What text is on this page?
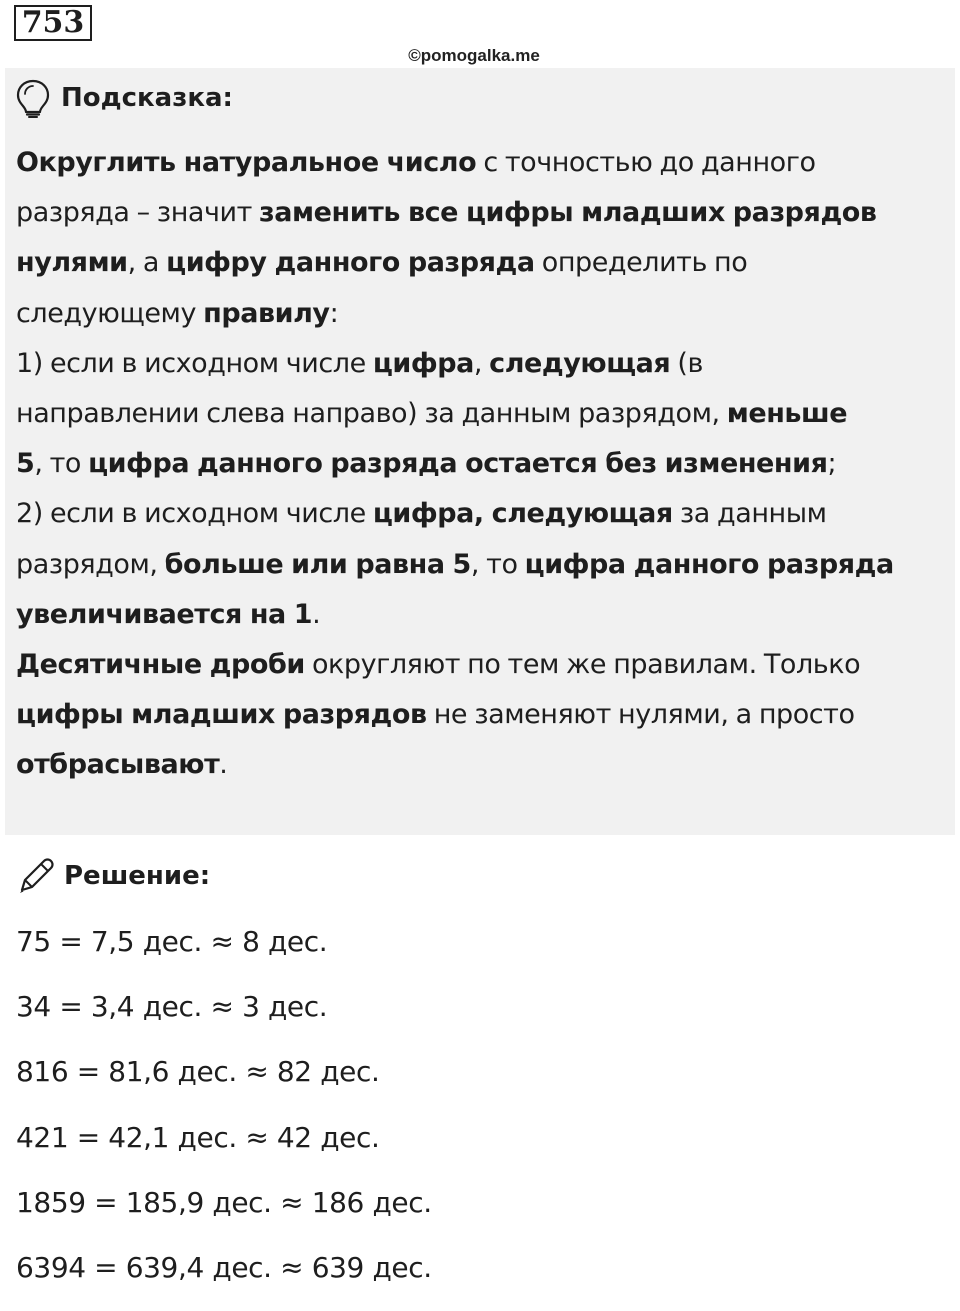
753
©pomogalka.me
Подсказка:
Округлить натуральное число с точностью до данного
разряда – значит заменить все цифры младших разрядов
нулями, а цифру данного разряда определить по
следующему правилу:
1) если в исходном числе цифра, следующая (в
направлении слева направо) за данным разрядом, меньше
5, то цифра данного разряда остается без изменения;
2) если в исходном числе цифра, следующая за данным
разрядом, больше или равна 5, то цифра данного разряда
увеличивается на 1.
Десятичные дроби округляют по тем же правилам. Только
цифры младших разрядов не заменяют нулями, а просто
отбрасывают.
Решение:
75 = 7,5 дес. ≈ 8 дес.
34 = 3,4 дес. ≈ 3 дес.
816 = 81,6 дес. ≈ 82 дес.
421 = 42,1 дес. ≈ 42 дес.
1859 = 185,9 дес. ≈ 186 дес.
6394 = 639,4 дес. ≈ 639 дес.
